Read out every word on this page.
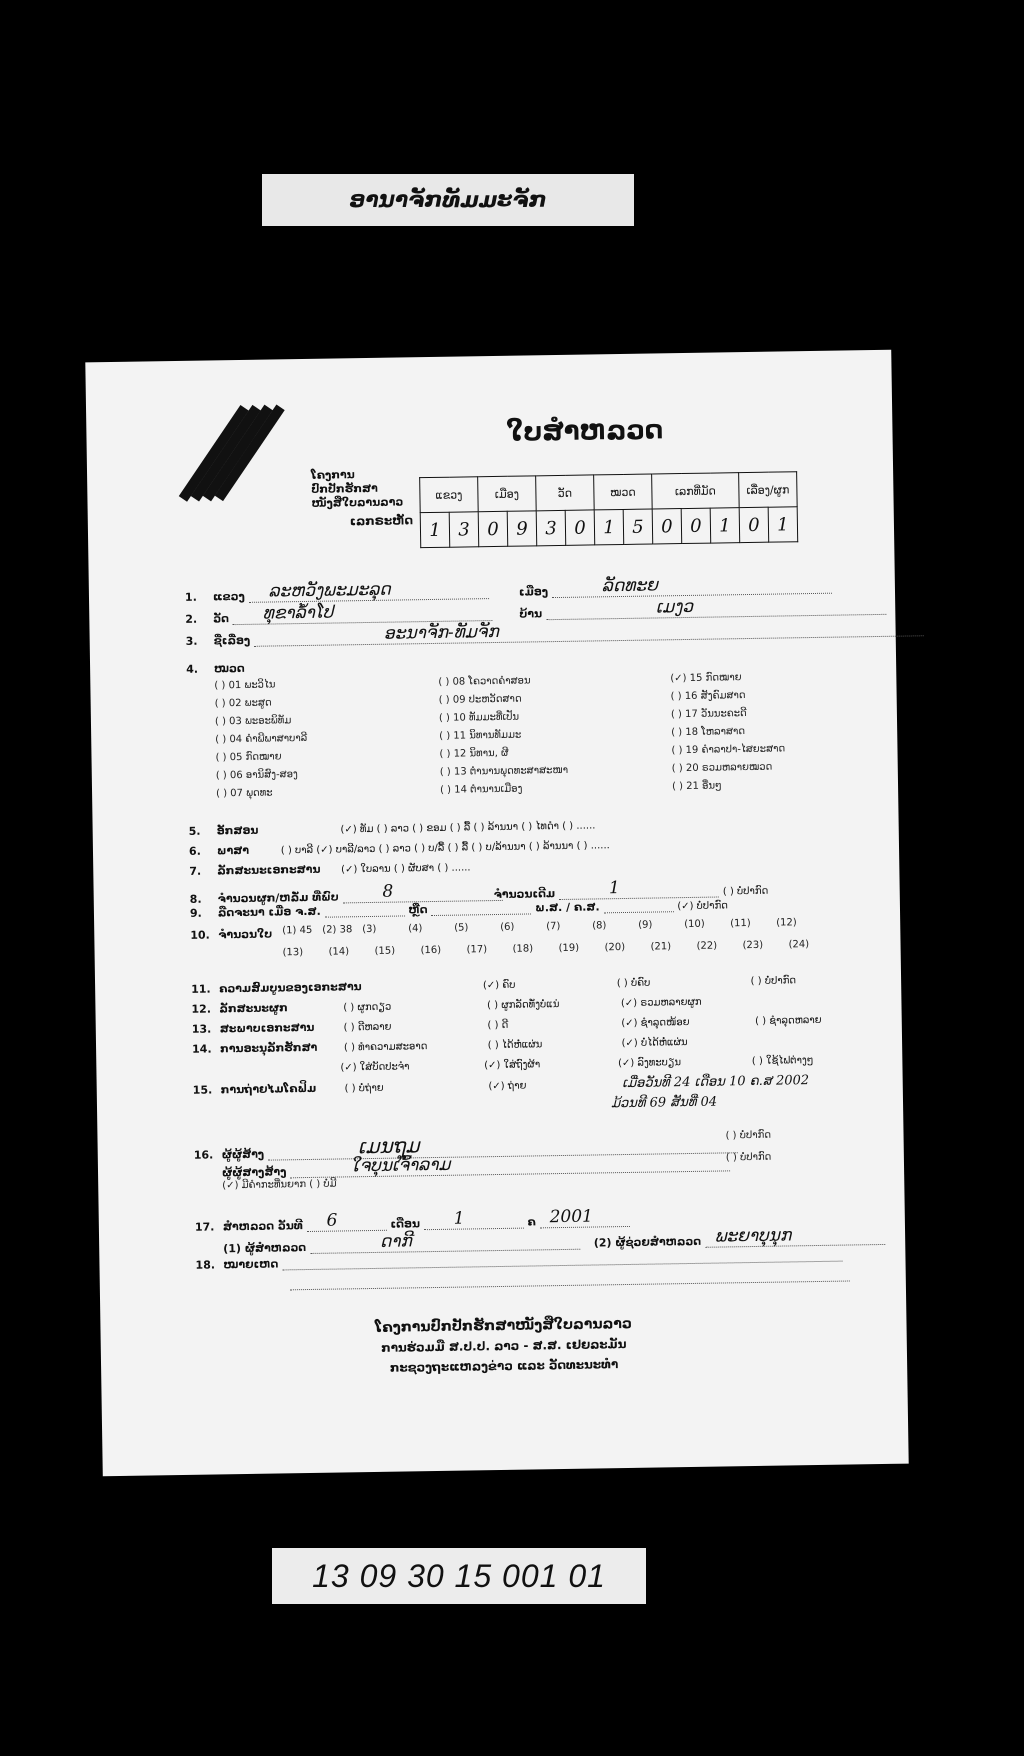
ອານາຈັກທັມມະຈັກ
ໂຄງການ
ປົກປັກຮັກສາ
ໜັງສືໃບລານລາວ
ໃບສຳຫລວດ
ເລກຣະຫັດ
ແຂວງ		ເມືອງ		ວັດ		ໝວດ		ເລກທີ່ມັດ			ເລື່ອງ/ຜູກ	
1	3	0	9	3	0	1	5	0	0	1	0	1
1. ແຂວງ ລະຫວັງພະມະລຸດ	ເມືອງ	ລັດທະຍ
2. ວັດ ທຸຂາລ້ຳໂປ	ບ້ານ	ເມງວ
3. ຊື່ເລື່ອງ	ອະນາຈັກ-ທັມຈັກ
4. ໝວດ
( ) 01 ພະວິໄນ
( ) 02 ພະສູດ
( ) 03 ພະອະພິທັມ
( ) 04 ຄຳພີພາສາບາລີ
( ) 05 ກົດໝາຍ
( ) 06 ອານິສົງ-ສອງ
( ) 07 ພຸດທະ
( ) 08 ໂຄວາດຄຳສອນ
( ) 09 ປະຫວັດສາດ
( ) 10 ທັມມະທີ່ເປັນ
( ) 11 ນິທານທັມມະ
( ) 12 ນິທານ, ຜີ
( ) 13 ຕຳນານພຸດທະສາສະໜາ
( ) 14 ຕຳນານເມືອງ
(✓) 15 ກົດໝາຍ
( ) 16 ສັງຄົມສາດ
( ) 17 ວັນນະຄະດີ
( ) 18 ໂຫລາສາດ
( ) 19 ຄຳລາປາ-ໄສຍະສາດ
( ) 20 ຣວມຫລາຍໝວດ
( ) 21 ອື່ນໆ
5. ອັກສອນ	(✓) ທັມ ( ) ລາວ ( ) ຂອມ ( ) ລື້ ( ) ລ້ານນາ ( ) ໄທດຳ ( ) ......
6. ພາສາ	( ) ບາລີ (✓) ບາລີ/ລາວ ( ) ລາວ ( ) ບ/ລື້ ( ) ລື້ ( ) ບ/ລ້ານນາ ( ) ລ້ານນາ ( ) ......
7. ລັກສະນະເອກະສານ (✓) ໃບລານ ( ) ຜັບສາ ( ) ......
8. ຈຳນວນຜູກ/ຫລັ່ມ ທີ່ພົບ	8	ຈຳນວນເດີມ	1	( ) ບໍ່ປາກົດ
9. ລືດຈະນາ ເມື່ອ ຈ.ສ.	ຫຼືດ	ພ.ສ. / ຄ.ສ.	(✓) ບໍ່ປາກົດ
10. ຈຳນວນໃບ (1) 45 (2) 38 (3)	(4)	(5)	(6)	(7)	(8)	(9)	(10)	(11)	(12)
(13)	(14)	(15)	(16)	(17)	(18)	(19)	(20)	(21)	(22)	(23)	(24)
11. ຄວາມສົມບູນຂອງເອກະສານ	(✓) ຄົບ	( ) ບໍ່ຄົບ	( ) ບໍ່ປາກົດ
12. ລັກສະນະຜູກ	( ) ຜູກດຽວ	( ) ຜູກລັດທັ່ງບໍ່ແນ່	(✓) ຣວມຫລາຍຜູກ
13. ສະພາບເອກະສານ	( ) ດີຫລາຍ	( ) ດີ	(✓) ຊຳລຸດໜ້ອຍ	( ) ຊຳລຸດຫລາຍ
14. ການອະນຸລັກຮັກສາ	( ) ທຳຄວາມສະອາດ	( ) ໄດ້ຫໍ່ແຜ່ນ	(✓) ບໍ່ໄດ້ຫໍ່ແຜ່ນ
(✓) ໃສ່ບັດປະຈຳ	(✓) ໃສ່ຖົງຜ້າ	(✓) ລົງທະບຽນ	( ) ໃຊ້ໄຟຕ່າງໆ
15. ການຖ່າຍໄມໂຄຟິມ	( ) ບໍ່ຖ່າຍ	(✓) ຖ່າຍ	ເມື່ອວັນທີ 24 ເດືອນ 10 ຄ.ສ 2002
ມ້ວນທີ 69 ສັນທີ່ 04
16. ຜູ້ຜູ້ສ້າງ	ເມນຖຸມ	( ) ບໍ່ປາກົດ
ຜູ້ຜູ້ສາງສ້າງ	ໃຈບຸນເຈົ້າລາມ	( ) ບໍ່ປາກົດ
(✓) ມີຄຳກະທີ່ນຍາກ ( ) ບໍ່ມີ
17. ສຳຫລວດ ວັນທີ 6	ເດືອນ 1	ຄ 2001
(1) ຜູ້ສຳຫລວດ	ດາກີ	(2) ຜູ້ຊ່ວຍສຳຫລວດ ພະຍາບຸນຸກ
18. ໝາຍເຫດ
ໂຄງການປົກປັກຮັກສາໜັງສືໃບລານລາວ
ການຮ່ວມມື ສ.ປ.ປ. ລາວ - ສ.ສ. ເຢຍລະມັນ
ກະຊວງຖະແຫລງຂ່າວ ແລະ ວັດທະນະທຳ
13 09 30 15 001 01
